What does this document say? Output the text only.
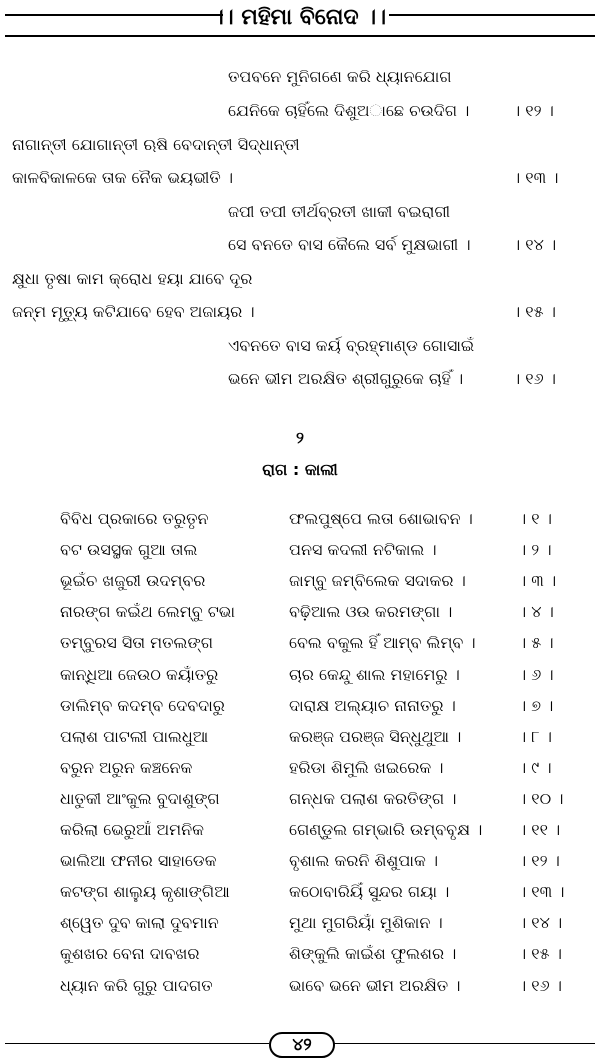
।। ମହିମା ବିନୋଦ ।।
ତପବନେ ମୁନିଗଣେ କରି ଧ୍ୟାନଯୋଗ
ଯେନିକେ ଚାହିଁଲେ ଦିଶୁଅାଛେ ଚଉଦିଗ ।	। ୧୨ ।
ନାଗାନ୍ତୀ ଯୋଗାନ୍ତୀ ଋଷି ବେଦାନ୍ତୀ ସିଦ୍ଧାନ୍ତୀ
କାଳବିକାଳକେ ତାକ ନୈକ ଭୟଭୀତି ।	। ୧୩ ।
ଜପୀ ତପୀ ତୀର୍ଥବ୍ରତୀ ଖାକୀ ବଇରାଗୀ
ସେ ବନତେ ବାସ କୈଲେ ସର୍ବ ମୁକ୍ଷଭାଗୀ ।	। ୧୪ ।
କ୍ଷୁଧା ତୃଷା କାମ କ୍ରୋଧ ହୟା ଯାବେ ଦୂର
ଜନ୍ମ ମୃତ୍ୟୁ କଟିଯାବେ ହେବ ଅଜାୟର ।	। ୧୫ ।
ଏବନତେ ବାସ କର୍ୟ ବ୍ରହ୍ମାଣ୍ଡ ଗୋସାଇଁ
ଭନେ ଭୀମ ଅରକ୍ଷିତ ଶ୍ରୀଗୁରୁକେ ଚାହିଁ ।	। ୧୬ ।
୨
ରାଗ : କାଲୀ
ବିବିଧ ପ୍ରକାରେ ତରୁତୃନ	ଫଲପୁଷ୍ପେ ଲତା ଶୋଭାବନ ।	। ୧ ।
ବଟ ଉସସ୍ଥକ ଗୁଆ ତାଲ	ପନସ କଦଲୀ ନଟିକାଲ ।	। ୨ ।
ଭୂଇଁଚ ଖଜୁରୀ ଉଦମ୍ବର	ଜାମ୍ବୁ ଜମ୍ବିଲେକ ସଦାକର ।	। ୩ ।
ନାରଙ୍ଗ କଇଁଥ ଲେମ୍ବୁ ଟଭା	ବଢ଼ିଆଲ ଓଉ କରମଙ୍ଗା ।	। ୪ ।
ତମ୍ବୁରସ ସିତା ମତଲଙ୍ଗ	ବେଲ ବକୁଲ ହିଁ ଆମ୍ବ ଲିମ୍ବ ।	। ୫ ।
କାନ୍ଧିଆ ଜେଉଠ କୟାଁତରୁ	ଚାର କେନ୍ଦୁ ଶାଲ ମହାମେରୁ ।	। ୬ ।
ଡାଲିମ୍ବ କଦମ୍ବ ଦେବଦାରୁ	ଦାରାକ୍ଷ ଅଲ୍ୟାଚ ନାନାତରୁ ।	। ୭ ।
ପଲାଶ ପାଟଲୀ ପାଲଧୁଆ	କରଞ୍ଜ ପରଞ୍ଜ ସିନ୍ଧୁଥୁଆ ।	। ୮ ।
ବରୁନ ଅରୁନ କଞ୍ଚନେକ	ହରିଡା ଶିମୁଲି ଖଇରେକ ।	। ୯ ।
ଧାତୁକୀ ଆଂକୁଲ ବୁଦାଶୁଙ୍ଗ	ଗନ୍ଧକ ପଲାଶ କରତିଙ୍ଗ ।	। ୧୦ ।
କରିଲା ଭେରୁଆଁ ଅମନିକ	ଗେଣ୍ଡୁଲ ଗମ୍ଭାରି ଉମ୍ବବୃକ୍ଷ । । ୧୧ ।
ଭାଲିଆ ଫନୀର ସାହାଡେକ	ବୃଶାଲ କରନି ଶିଶୁପାକ ।	। ୧୨ ।
କଟଙ୍ଗ ଶାଲୁୟ କୃଶାଙ୍ଗିଆ	କଠୋବାରିୟିଁ ସୁନ୍ଦର ଗୟା ।	। ୧୩ ।
ଶ୍ୱେତ ଦୁବ କାଲା ଦୁବମାନ	ମୁଥା ମୁଗରିୟାଁ ମୁଶିକାନ ।	। ୧୪ ।
କୁଶଖର ବେନା ଦାବଖର	ଶିଙ୍କୁଲି କାଇଁଶ ଫୁଲଶର ।	। ୧୫ ।
ଧ୍ୟାନ କରି ଗୁରୁ ପାଦଗତ	ଭାବେ ଭନେ ଭୀମ ଅରକ୍ଷିତ ।	। ୧୬ ।
୪୨
